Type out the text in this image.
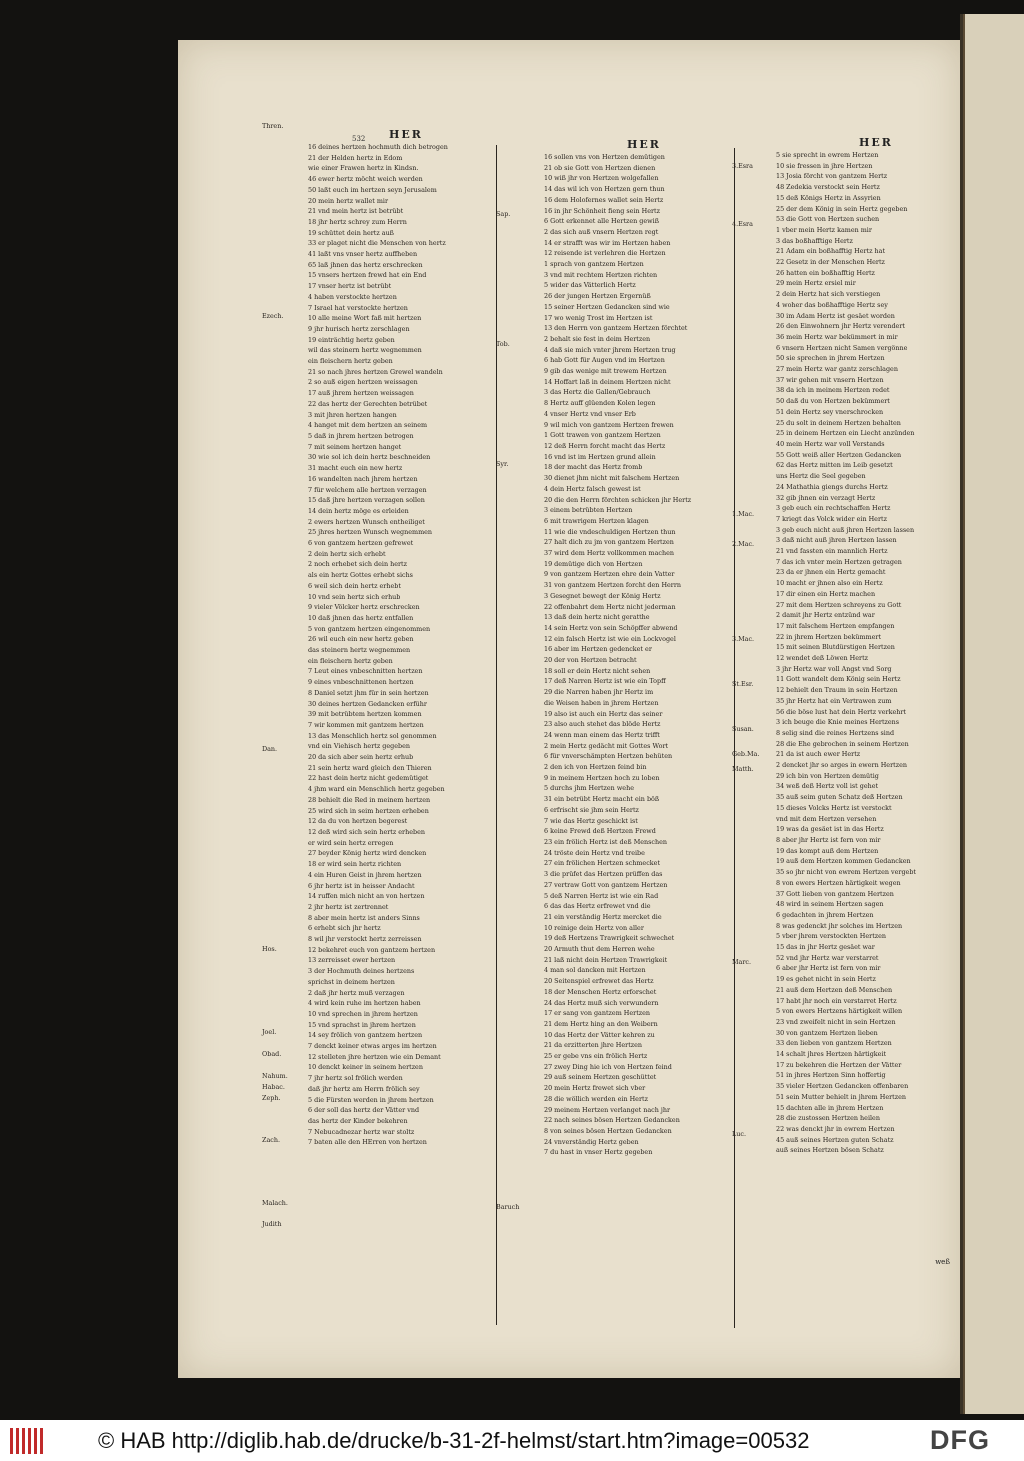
532	HER
16 deines hertzen hochmuth dich betrogen
21 der Helden hertz in Edom
wie einer Frawen hertz in Kindsn.
46 ewer hertz möcht weich werden
50 laßt euch im hertzen seyn Jerusalem
20 mein hertz wallet mir
21 vnd mein hertz ist betrübt
18 jhr hertz schrey zum Herrn
19 schüttet dein hertz auß
33 er plaget nicht die Menschen von hertz
41 laßt vns vnser hertz auffheben
65 laß jhnen das hertz erschrecken
15 vnsers hertzen frewd hat ein End
17 vnser hertz ist betrübt
4 haben verstockte hertzen
7 Israel hat verstockte hertzen
10 alle meine Wort faß mit hertzen
9 jhr hurisch hertz zerschlagen
19 einträchtig hertz geben
wil das steinern hertz wegnemmen
ein fleischern hertz geben
21 so nach jhres hertzen Grewel wandeln
2 so auß eigen hertzen weissagen
17 auß jhrem hertzen weissagen
22 das hertz der Gerechten betrübet
3 mit jhren hertzen hangen
4 hanget mit dem hertzen an seinem
5 daß in jhrem hertzen betrogen
7 mit seinem hertzen hanget
30 wie sol ich dein hertz beschneiden
31 macht euch ein new hertz
16 wandelten nach jhrem hertzen
7 für welchem alle hertzen verzagen
15 daß jhre hertzen verzagen sollen
14 dein hertz möge es erleiden
2 ewers hertzen Wunsch entheiliget
25 jhres hertzen Wunsch wegnemmen
6 von gantzem hertzen gefrewet
2 dein hertz sich erhebt
2 noch erhebet sich dein hertz
als ein hertz Gottes erhebt sichs
6 weil sich dein hertz erhebt
10 vnd sein hertz sich erhub
9 vieler Völcker hertz erschrecken
10 daß jhnen das hertz entfallen
5 von gantzem hertzen eingenommen
26 wil euch ein new hertz geben
das steinern hertz wegnemmen
ein fleischern hertz geben
7 Leut eines vnbeschnitten hertzen
9 eines vnbeschnittenen hertzen
8 Daniel setzt jhm für in sein hertzen
30 deines hertzen Gedancken erführ
39 mit betrübtem hertzen kommen
7 wir kommen mit gantzem hertzen
13 das Menschlich hertz sol genommen
vnd ein Viehisch hertz gegeben
20 da sich aber sein hertz erhub
21 sein hertz ward gleich den Thieren
22 hast dein hertz nicht gedemütiget
4 jhm ward ein Menschlich hertz gegeben
28 behielt die Red in meinem hertzen
25 wird sich in seim hertzen erheben
12 da du von hertzen begerest
12 deß wird sich sein hertz erheben
er wird sein hertz erregen
27 beyder König hertz wird dencken
18 er wird sein hertz richten
4 ein Huren Geist in jhrem hertzen
6 jhr hertz ist in heisser Andacht
14 ruffen mich nicht an von hertzen
2 jhr hertz ist zertrennet
8 aber mein hertz ist anders Sinns
6 erhebt sich jhr hertz
8 wil jhr verstockt hertz zerreissen
12 bekehret euch von gantzem hertzen
13 zerreisset ewer hertzen
3 der Hochmuth deines hertzens
sprichst in deinem hertzen
2 daß jhr hertz muß verzagen
4 wird kein ruhe im hertzen haben
10 vnd sprechen in jhrem hertzen
15 vnd sprachst in jhrem hertzen
14 sey frölich von gantzem hertzen
7 denckt keiner etwas arges im hertzen
12 stelleten jhre hertzen wie ein Demant
10 denckt keiner in seinem hertzen
7 jhr hertz sol frölich werden
daß jhr hertz am Herrn frölich sey
5 die Fürsten werden in jhrem hertzen
6 der soll das hertz der Vätter vnd
das hertz der Kinder bekehren
7 Nebucadnezar hertz war stoltz
7 baten alle den HErren von hertzen
HER
16 sollen vns von Hertzen demütigen
21 ob sie Gott von Hertzen dienen
10 wiß jhr von Hertzen wolgefallen
14 das wil ich von Hertzen gern thun
16 dem Holofernes wallet sein Hertz
16 in jhr Schönheit fieng sein Hertz
6 Gott erkennet alle Hertzen gewiß
2 das sich auß vnsern Hertzen regt
14 er strafft was wir im Hertzen haben
12 reisende ist verlehren die Hertzen
1 sprach von gantzem Hertzen
3 vnd mit rechtem Hertzen richten
5 wider das Vätterlich Hertz
26 der jungen Hertzen Ergernüß
15 seiner Hertzen Gedancken sind wie
17 wo wenig Trost im Hertzen ist
13 den Herrn von gantzem Hertzen förchtet
2 behalt sie fest in deim Hertzen
4 daß sie mich vnter jhrem Hertzen trug
6 hab Gott für Augen vnd im Hertzen
9 gib das wenige mit trewem Hertzen
14 Hoffart laß in deinem Hertzen nicht
3 das Hertz die Gallen/Gebrauch
8 Hertz auff glüenden Kolen legen
4 vnser Hertz vnd vnser Erb
9 wil mich von gantzem Hertzen frewen
1 Gott trawen von gantzem Hertzen
12 deß Herrn forcht macht das Hertz
16 vnd ist im Hertzen grund allein
18 der macht das Hertz fromb
30 dienet jhm nicht mit falschem Hertzen
4 dein Hertz falsch gewest ist
20 die den Herrn förchten schicken jhr Hertz
3 einem betrübten Hertzen
6 mit trawrigem Hertzen klagen
11 wie die vndeschuldigen Hertzen thun
27 halt dich zu jm von gantzem Hertzen
37 wird dem Hertz vollkommen machen
19 demütige dich von Hertzen
9 von gantzem Hertzen ehre dein Vatter
31 von gantzem Hertzen forcht den Herrn
3 Gesegnet bewegt der König Hertz
22 offenbahrt dem Hertz nicht jederman
13 daß dein hertz nicht geratthe
14 sein Hertz von sein Schöpffer abwend
12 ein falsch Hertz ist wie ein Lockvogel
16 aber im Hertzen gedencket er
20 der von Hertzen betracht
18 soll er dein Hertz nicht sehen
17 deß Narren Hertz ist wie ein Topff
29 die Narren haben jhr Hertz im
die Weisen haben in jhrem Hertzen
19 also ist auch ein Hertz das seiner
23 also auch stehet das blöde Hertz
24 wenn man einem das Hertz trifft
2 mein Hertz gedächt mit Gottes Wort
6 für vnverschämpten Hertzen behüten
2 den ich von Hertzen feind bin
9 in meinem Hertzen hoch zu loben
5 durchs jhm Hertzen wehe
31 ein betrübt Hertz macht ein böß
6 erfrischt sie jhm sein Hertz
7 wie das Hertz geschickt ist
6 keine Frewd deß Hertzen Frewd
23 ein frölich Hertz ist deß Menschen
24 tröste dein Hertz vnd treibe
27 ein frölichen Hertzen schmecket
3 die prüfet das Hertzen prüffen das
27 vertraw Gott von gantzem Hertzen
5 deß Narren Hertz ist wie ein Rad
6 das das Hertz erfrewet vnd die
21 ein verständig Hertz mercket die
10 reinige dein Hertz von aller
19 deß Hertzens Trawrigkeit schwechet
20 Armuth thut dem Herren wehe
21 laß nicht dein Hertzen Trawrigkeit
4 man sol dancken mit Hertzen
20 Seitenspiel erfrewet das Hertz
18 der Menschen Hertz erforschet
24 das Hertz muß sich verwundern
17 er sang von gantzem Hertzen
21 dem Hertz hing an den Weibern
10 das Hertz der Vätter kehren zu
21 da erzitterten jhre Hertzen
25 er gebe vns ein frölich Hertz
27 zwey Ding hie ich von Hertzen feind
29 auß seinem Hertzen geschüttet
20 mein Hertz frewet sich vber
28 die wöllich werden ein Hertz
29 meinem Hertzen verlanget nach jhr
22 nach seines bösen Hertzen Gedancken
8 von seines bösen Hertzen Gedancken
24 vnverständig Hertz geben
7 du hast in vnser Hertz gegeben
HER
5 sie sprecht in ewrem Hertzen
10 sie fressen in jhre Hertzen
13 Josia förcht von gantzem Hertz
48 Zedekia verstockt sein Hertz
15 deß Königs Hertz in Assyrien
25 der dem König in sein Hertz gegeben
53 die Gott von Hertzen suchen
1 vber mein Hertz kamen mir
3 das boßhafftige Hertz
21 Adam ein boßhafftig Hertz hat
22 Gesetz in der Menschen Hertz
26 hatten ein boßhafftig Hertz
29 mein Hertz ersiel mir
2 dein Hertz hat sich verstiegen
4 woher das boßhafftige Hertz sey
30 im Adam Hertz ist gesäet worden
26 den Einwohnern jhr Hertz verendert
36 mein Hertz war bekümmert in mir
6 vnsern Hertzen nicht Samen vergönne
50 sie sprechen in jhrem Hertzen
27 mein Hertz war gantz zerschlagen
37 wir gehen mit vnsern Hertzen
38 da ich in meinem Hertzen redet
50 daß du von Hertzen bekümmert
51 dein Hertz sey vnerschrocken
25 du solt in deinem Hertzen behalten
25 in deinem Hertzen ein Liecht anzünden
40 mein Hertz war voll Verstands
55 Gott weiß aller Hertzen Gedancken
62 das Hertz mitten im Leib gesetzt
uns Hertz die Seel gegeben
24 Mathathia giengs durchs Hertz
32 gib jhnen ein verzagt Hertz
3 geb euch ein rechtschaffen Hertz
7 kriegt das Volck wider ein Hertz
3 geb euch nicht auß jhren Hertzen lassen
3 daß nicht auß jhren Hertzen lassen
21 vnd fassten ein mannlich Hertz
7 das ich vnter mein Hertzen getragen
23 da er jhnen ein Hertz gemacht
10 macht er jhnen also ein Hertz
17 dir einen ein Hertz machen
27 mit dem Hertzen schreyens zu Gott
2 damit jhr Hertz entzünd war
17 mit falschem Hertzen empfangen
22 in jhrem Hertzen bekümmert
15 mit seinen Blutdürstigen Hertzen
12 wendet deß Löwen Hertz
3 jhr Hertz war voll Angst vnd Sorg
11 Gott wandelt dem König sein Hertz
12 behielt den Traum in sein Hertzen
35 jhr Hertz hat ein Vertrawen zum
56 die böse lust hat dein Hertz verkehrt
3 ich beuge die Knie meines Hertzens
8 selig sind die reines Hertzens sind
28 die Ehe gebrochen in seinem Hertzen
21 da ist auch ewer Hertz
2 dencket jhr so arges in ewern Hertzen
29 ich bin von Hertzen demütig
34 weß deß Hertz voll ist gehet
35 auß seim guten Schatz deß Hertzen
15 dieses Volcks Hertz ist verstockt
vnd mit dem Hertzen versehen
19 was da gesäet ist in das Hertz
8 aber jhr Hertz ist fern von mir
19 das kompt auß dem Hertzen
19 auß dem Hertzen kommen Gedancken
35 so jhr nicht von ewrem Hertzen vergebt
8 von ewers Hertzen härtigkeit wegen
37 Gott lieben von gantzem Hertzen
48 wird in seinem Hertzen sagen
6 gedachten in jhrem Hertzen
8 was gedenckt jhr solches im Hertzen
5 vber jhrem verstockten Hertzen
15 das in jhr Hertz gesäet war
52 vnd jhr Hertz war verstarret
6 aber jhr Hertz ist fern von mir
19 es gehet nicht in sein Hertz
21 auß dem Hertzen deß Menschen
17 habt jhr noch ein verstarret Hertz
5 von ewers Hertzens härtigkeit willen
23 vnd zweifelt nicht in sein Hertzen
30 von gantzem Hertzen lieben
33 den lieben von gantzem Hertzen
14 schalt jhres Hertzen härtigkeit
17 zu bekehren die Hertzen der Vätter
51 in jhres Hertzen Sinn hoffertig
35 vieler Hertzen Gedancken offenbaren
51 sein Mutter behielt in jhrem Hertzen
15 dachten alle in jhrem Hertzen
28 die zustossen Hertzen heilen
22 was denckt jhr in ewrem Hertzen
45 auß seines Hertzen guten Schatz
auß seines Hertzen bösen Schatz
Thren.
Ezech.
Dan.
Hos.
Joel.
Obad.
Nahum.
Habac.
Zeph.
Zach.
Malach.
Judith
Sap.
Tob.
Syr.
Baruch
3.Esra
4.Esra
1.Mac.
2.Mac.
3.Mac.
St.Esr.
Susan.
Geb.Ma.
Matth.
Marc.
Luc.
weß
© HAB http://diglib.hab.de/drucke/b-31-2f-helmst/start.htm?image=00532	DFG
